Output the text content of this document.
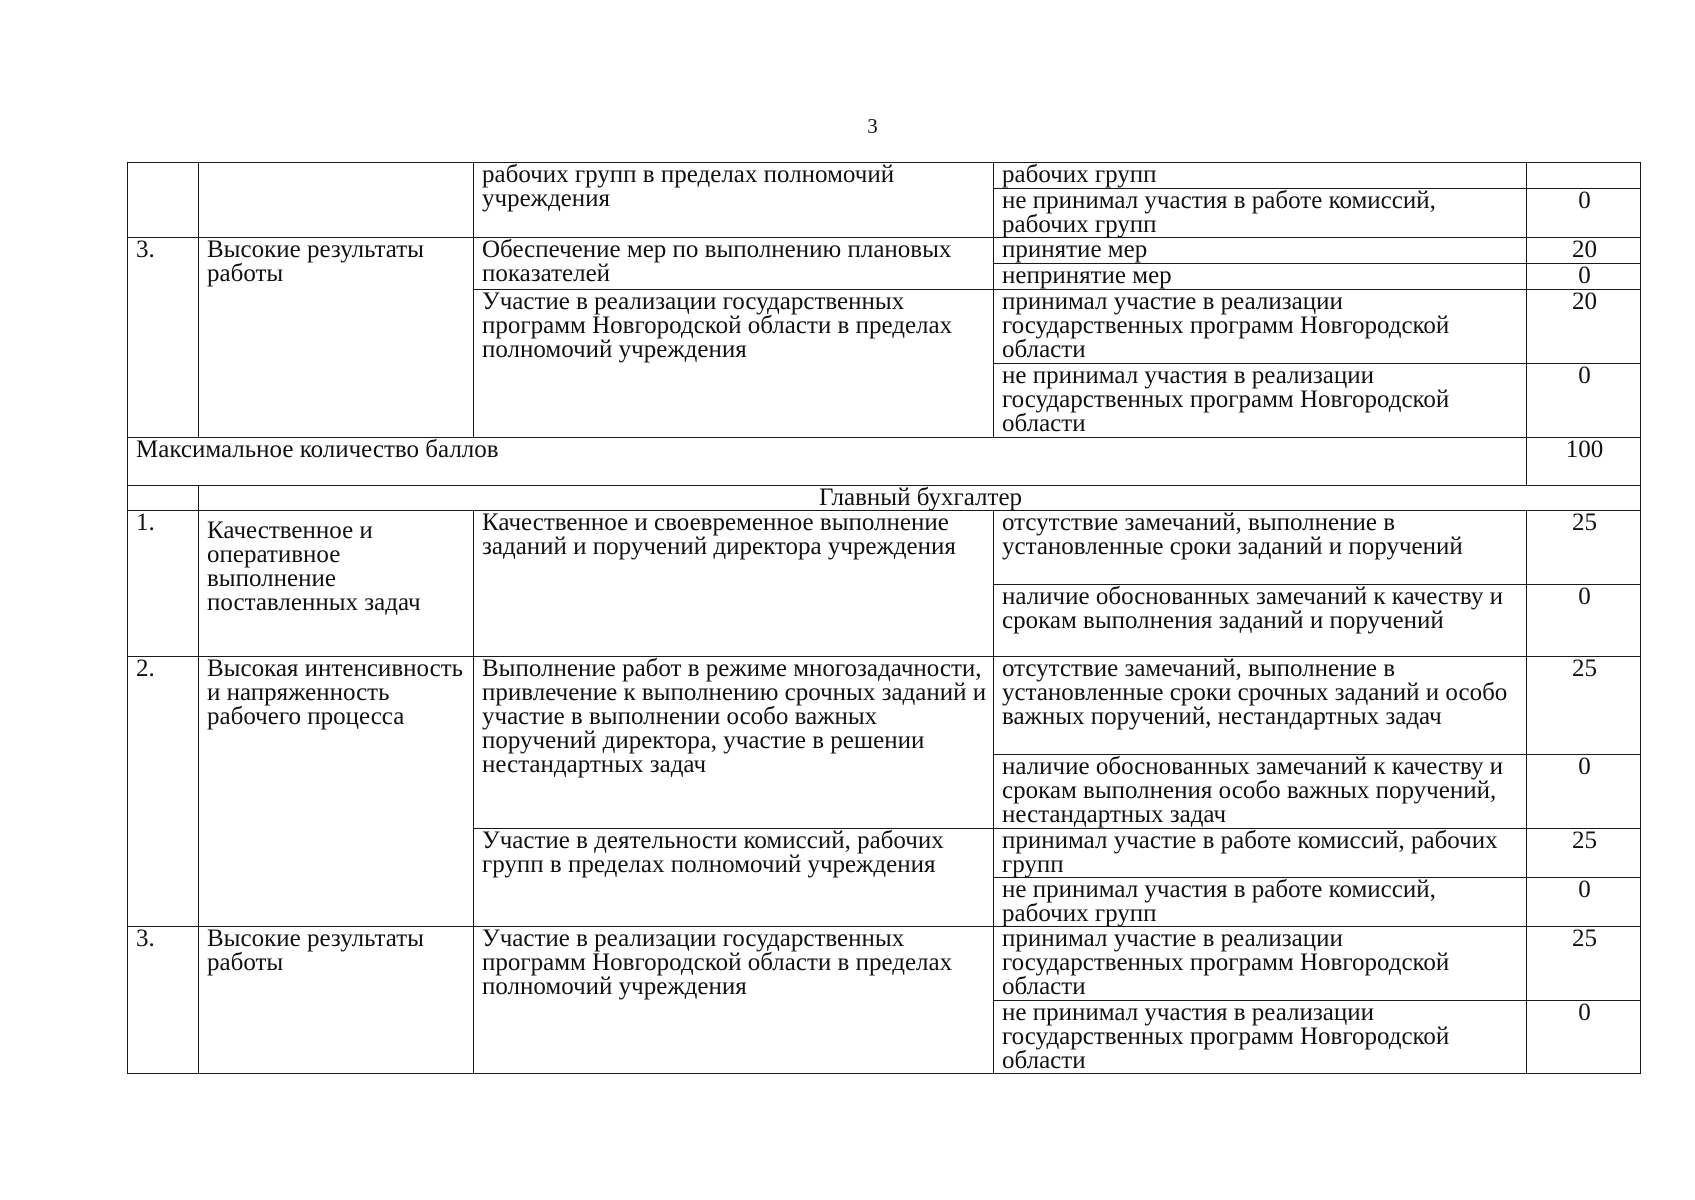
3
		рабочих групп в пределах полномочий учреждения	рабочих групп	
			не принимал участия в работе комиссий, рабочих групп	0
3.	Высокие результаты работы	Обеспечение мер по выполнению плановых показателей	принятие мер	20
			непринятие мер	0
		Участие в реализации государственных программ Новгородской области в пределах полномочий учреждения	принимал участие в реализации государственных программ Новгородской области	20
			не принимал участия в реализации государственных программ Новгородской области	0
Максимальное количество баллов				100
	Главный бухгалтер			
1.	Качественное и оперативное выполнение поставленных задач	Качественное и своевременное выполнение заданий и поручений директора учреждения	отсутствие замечаний, выполнение в установленные сроки заданий и поручений	25
			наличие обоснованных замечаний к качеству и срокам выполнения заданий и поручений	0
2.	Высокая интенсивность и напряженность рабочего процесса	Выполнение работ в режиме многозадачности, привлечение к выполнению срочных заданий и участие в выполнении особо важных поручений директора, участие в решении нестандартных задач	отсутствие замечаний, выполнение в установленные сроки срочных заданий и особо важных поручений, нестандартных задач	25
			наличие обоснованных замечаний к качеству и срокам выполнения особо важных поручений, нестандартных задач	0
		Участие в деятельности комиссий, рабочих групп в пределах полномочий учреждения	принимал участие в работе комиссий, рабочих групп	25
			не принимал участия в работе комиссий, рабочих групп	0
3.	Высокие результаты работы	Участие в реализации государственных программ Новгородской области в пределах полномочий учреждения	принимал участие в реализации государственных программ Новгородской области	25
			не принимал участия в реализации государственных программ Новгородской области	0
